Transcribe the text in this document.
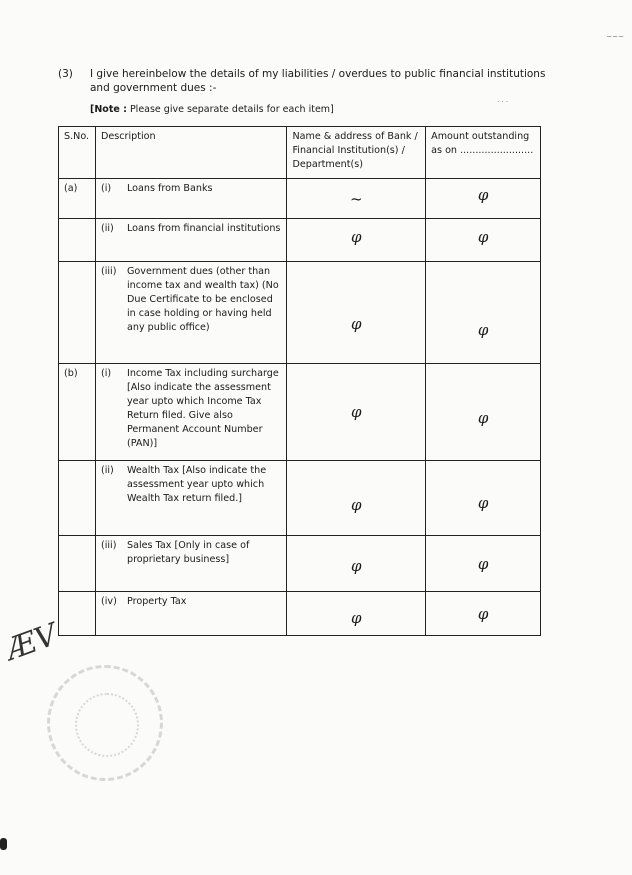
~~~
· · ·
(3) I give hereinbelow the details of my liabilities / overdues to public financial institutions and government dues :-
[Note : Please give separate details for each item]
S.No.	Description	Name & address of Bank / Financial Institution(s) / Department(s)	Amount outstanding as on ........................
(a)	(i) Loans from Banks	~	φ

	(ii) Loans from financial institutions	φ	φ

	(iii) Government dues (other than income tax and wealth tax) (No Due Certificate to be enclosed in case holding or having held any public office)	φ	φ

(b)	(i) Income Tax including surcharge [Also indicate the assessment year upto which Income Tax Return filed. Give also Permanent Account Number (PAN)]	φ	φ

	(ii) Wealth Tax [Also indicate the assessment year upto which Wealth Tax return filed.]	φ	φ

	(iii) Sales Tax [Only in case of proprietary business]	φ	φ

	(iv) Property Tax	φ	φ
ÆV
